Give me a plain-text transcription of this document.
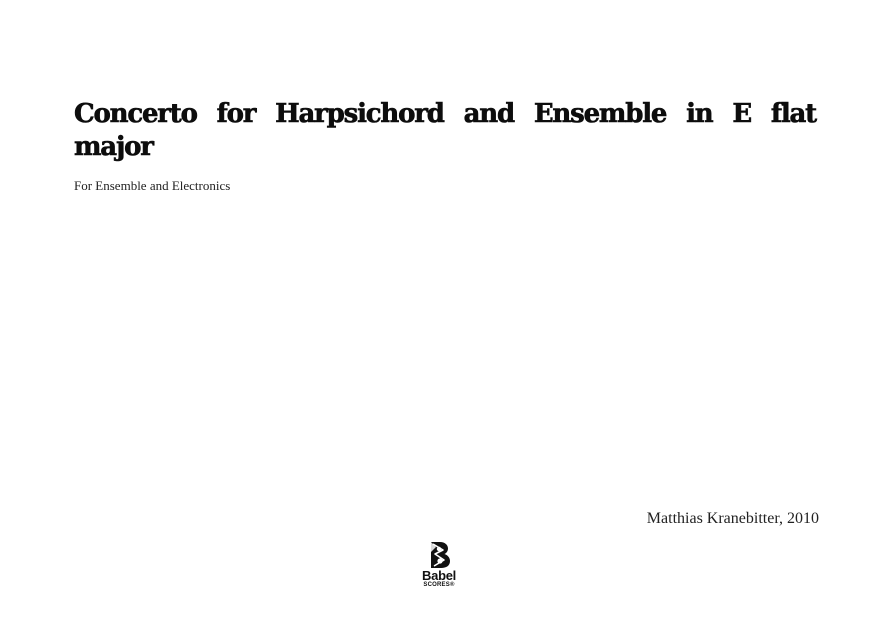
Concerto for Harpsichord and Ensemble in E flat major

For Ensemble and Electronics

Matthias Kranebitter, 2010

Babel
SCORES®
